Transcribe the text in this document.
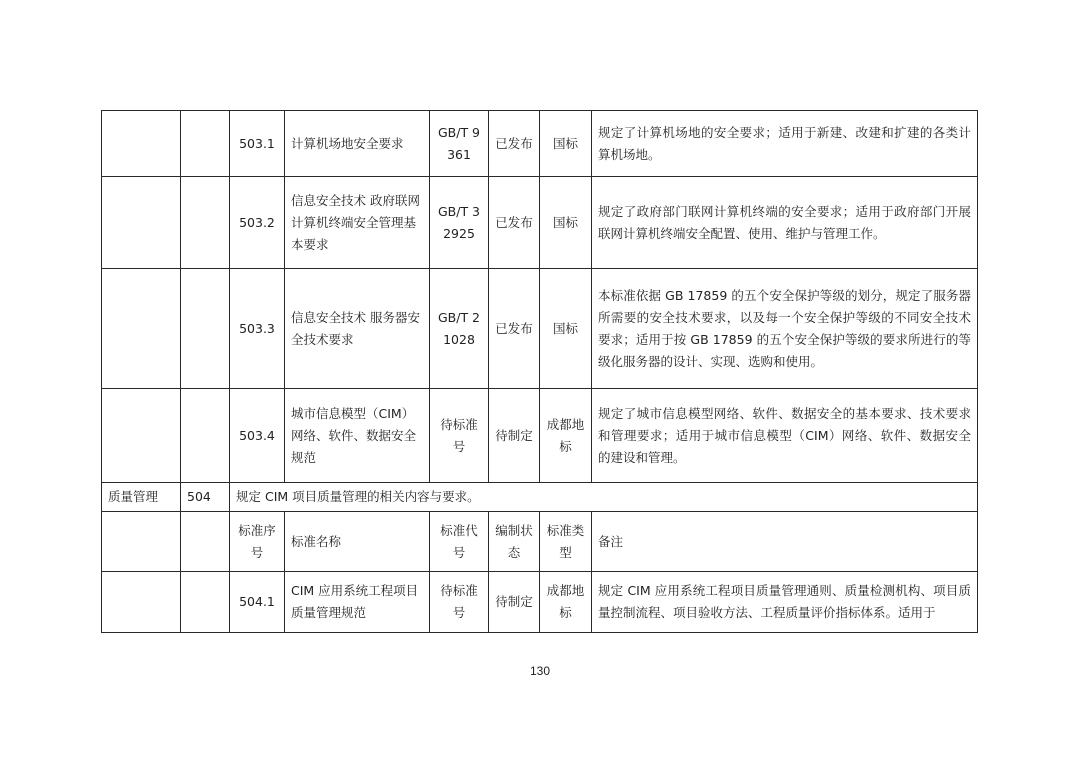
		503.1	计算机场地安全要求	GB/T 9361	已发布	国标	规定了计算机场地的安全要求；适用于新建、改建和扩建的各类计算机场地。
		503.2	信息安全技术 政府联网计算机终端安全管理基本要求	GB/T 32925	已发布	国标	规定了政府部门联网计算机终端的安全要求；适用于政府部门开展联网计算机终端安全配置、使用、维护与管理工作。
		503.3	信息安全技术 服务器安全技术要求	GB/T 21028	已发布	国标	本标准依据 GB 17859 的五个安全保护等级的划分，规定了服务器所需要的安全技术要求，以及每一个安全保护等级的不同安全技术要求；适用于按 GB 17859 的五个安全保护等级的要求所进行的等级化服务器的设计、实现、选购和使用。
		503.4	城市信息模型（CIM）网络、软件、数据安全规范	待标准号	待制定	成都地标	规定了城市信息模型网络、软件、数据安全的基本要求、技术要求和管理要求；适用于城市信息模型（CIM）网络、软件、数据安全的建设和管理。
质量管理	504	规定 CIM 项目质量管理的相关内容与要求。					
		标准序号	标准名称	标准代号	编制状态	标准类型	备注
		504.1	CIM 应用系统工程项目质量管理规范	待标准号	待制定	成都地标	规定 CIM 应用系统工程项目质量管理通则、质量检测机构、项目质量控制流程、项目验收方法、工程质量评价指标体系。适用于
130
